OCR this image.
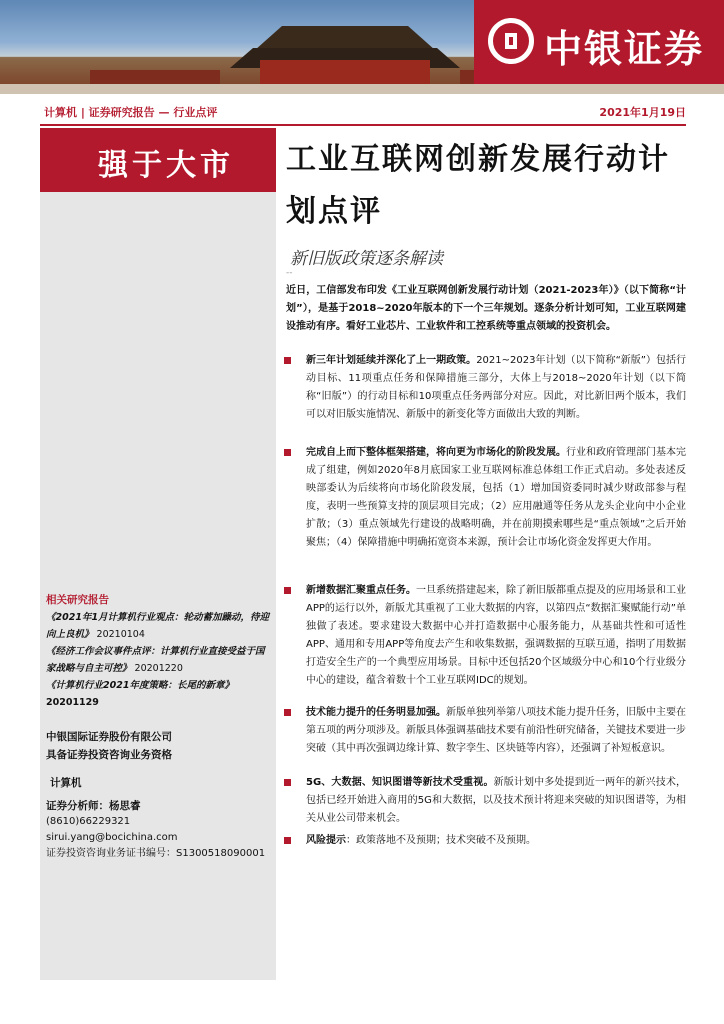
中银证券
计算机 | 证券研究报告 — 行业点评	2021年1月19日
强于大市
相关研究报告
《2021年1月计算机行业观点：轮动蓄加躁动，待迎向上良机》 20210104
《经济工作会议事件点评：计算机行业直接受益于国家战略与自主可控》 20201220
《计算机行业2021年度策略：长尾的新章》
20201129
中银国际证券股份有限公司
具备证券投资咨询业务资格
计算机
证券分析师：杨思睿
(8610)66229321
sirui.yang@bocichina.com
证券投资咨询业务证书编号：S1300518090001
工业互联网创新发展行动计划点评
新旧版政策逐条解读
--
近日，工信部发布印发《工业互联网创新发展行动计划（2021-2023年）》（以下简称“计划”），是基于2018~2020年版本的下一个三年规划。逐条分析计划可知，工业互联网建设推动有序。看好工业芯片、工业软件和工控系统等重点领域的投资机会。
新三年计划延续并深化了上一期政策。2021~2023年计划（以下简称“新版”）包括行动目标、11项重点任务和保障措施三部分，大体上与2018~2020年计划（以下简称“旧版”）的行动目标和10项重点任务两部分对应。因此，对比新旧两个版本，我们可以对旧版实施情况、新版中的新变化等方面做出大致的判断。
完成自上而下整体框架搭建，将向更为市场化的阶段发展。行业和政府管理部门基本完成了组建，例如2020年8月底国家工业互联网标准总体组工作正式启动。多处表述反映部委认为后续将向市场化阶段发展，包括（1）增加国资委同时减少财政部参与程度，表明一些预算支持的顶层项目完成；（2）应用融通等任务从龙头企业向中小企业扩散；（3）重点领域先行建设的战略明确，并在前期摸索哪些是“重点领域”之后开始聚焦；（4）保障措施中明确拓宽资本来源，预计会让市场化资金发挥更大作用。
新增数据汇聚重点任务。一旦系统搭建起来，除了新旧版都重点提及的应用场景和工业APP的运行以外，新版尤其重视了工业大数据的内容，以第四点“数据汇聚赋能行动”单独做了表述。要求建设大数据中心并打造数据中心服务能力，从基础共性和可适性APP、通用和专用APP等角度去产生和收集数据，强调数据的互联互通，指明了用数据打造安全生产的一个典型应用场景。目标中还包括20个区域级分中心和10个行业级分中心的建设，蕴含着数十个工业互联网IDC的规划。
技术能力提升的任务明显加强。新版单独列举第八项技术能力提升任务，旧版中主要在第五项的两分项涉及。新版具体强调基础技术要有前沿性研究储备，关键技术要进一步突破（其中再次强调边缘计算、数字孪生、区块链等内容），还强调了补短板意识。
5G、大数据、知识图谱等新技术受重视。新版计划中多处提到近一两年的新兴技术，包括已经开始进入商用的5G和大数据，以及技术预计将迎来突破的知识图谱等，为相关从业公司带来机会。
风险提示：政策落地不及预期；技术突破不及预期。
